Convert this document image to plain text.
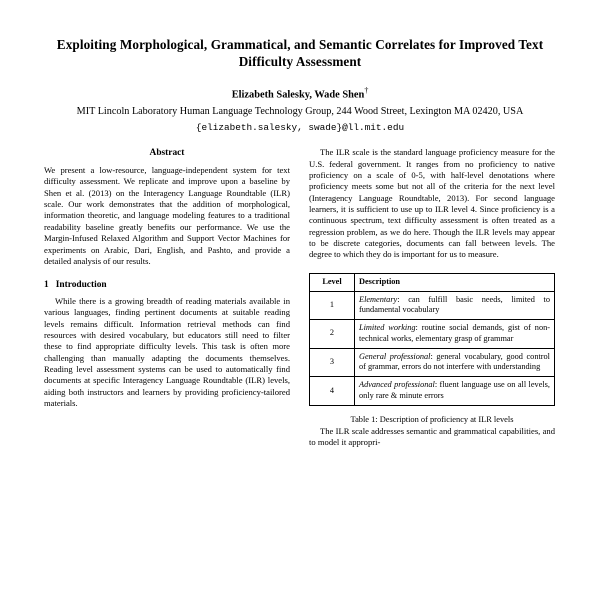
Exploiting Morphological, Grammatical, and Semantic Correlates for Improved Text Difficulty Assessment
Elizabeth Salesky, Wade Shen†
MIT Lincoln Laboratory Human Language Technology Group, 244 Wood Street, Lexington MA 02420, USA
{elizabeth.salesky, swade}@ll.mit.edu
Abstract
We present a low-resource, language-independent system for text difficulty assessment. We replicate and improve upon a baseline by Shen et al. (2013) on the Interagency Language Roundtable (ILR) scale. Our work demonstrates that the addition of morphological, information theoretic, and language modeling features to a traditional readability baseline greatly benefits our performance. We use the Margin-Infused Relaxed Algorithm and Support Vector Machines for experiments on Arabic, Dari, English, and Pashto, and provide a detailed analysis of our results.
1 Introduction

While there is a growing breadth of reading materials available in various languages, finding pertinent documents at suitable reading levels remains difficult. Information retrieval methods can find resources with desired vocabulary, but educators still need to filter these to find appropriate difficulty levels. This task is often more challenging than manually adapting the documents themselves. Reading level assessment systems can be used to automatically find documents at specific Interagency Language Roundtable (ILR) levels, aiding both instructors and learners by providing proficiency-tailored materials.

The ILR scale is the standard language proficiency measure for the U.S. federal government. It ranges from no proficiency to native proficiency on a scale of 0-5, with half-level denotations where proficiency meets some but not all of the criteria for the next level (Interagency Language Roundtable, 2013). For second language learners, it is sufficient to use up to ILR level 4. Since proficiency is a continuous spectrum, text difficulty assessment is often treated as a regression problem, as we do here. Though the ILR levels may appear to be discrete categories, documents can fall between levels. The degree to which they do is important for us to measure.

Level	Description
1	Elementary: can fulfill basic needs, limited to fundamental vocabulary
2	Limited working: routine social demands, gist of non-technical works, elementary grasp of grammar
3	General professional: general vocabulary, good control of grammar, errors do not interfere with understanding
4	Advanced professional: fluent language use on all levels, only rare & minute errors
Table 1: Description of proficiency at ILR levels

The ILR scale addresses semantic and grammatical capabilities, and to model it appropri-
